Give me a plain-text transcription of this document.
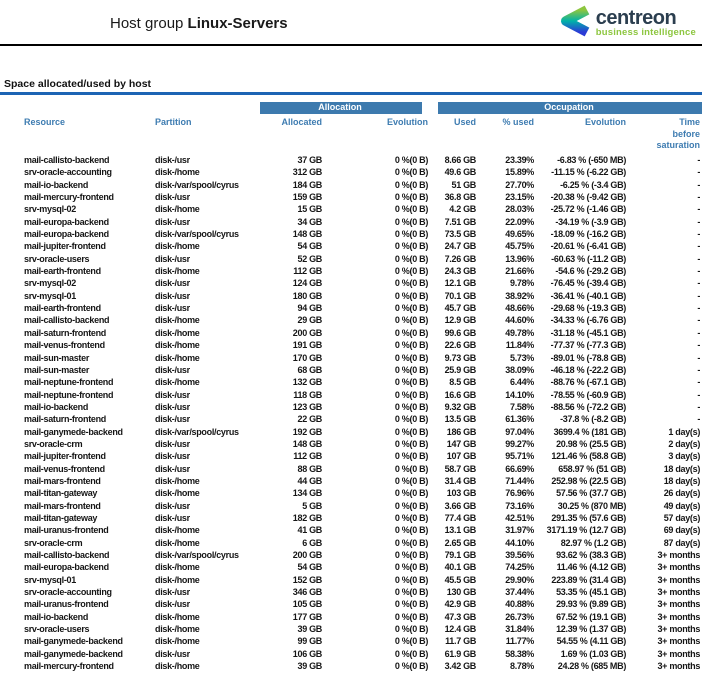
Host group Linux-Servers	centreon
business intelligence
Space allocated/used by host
		Allocation		Occupation			
Resource	Partition	Allocated	Evolution	Used	% used	Evolution	Time before saturation

mail-callisto-backend	disk-/usr	37 GB	0 %(0 B)	8.66 GB	23.39%	-6.83 % (-650 MB)	-
srv-oracle-accounting	disk-/home	312 GB	0 %(0 B)	49.6 GB	15.89%	-11.15 % (-6.22 GB)	-
mail-io-backend	disk-/var/spool/cyrus	184 GB	0 %(0 B)	51 GB	27.70%	-6.25 % (-3.4 GB)	-
mail-mercury-frontend	disk-/usr	159 GB	0 %(0 B)	36.8 GB	23.15%	-20.38 % (-9.42 GB)	-
srv-mysql-02	disk-/home	15 GB	0 %(0 B)	4.2 GB	28.03%	-25.72 % (-1.46 GB)	-
mail-europa-backend	disk-/usr	34 GB	0 %(0 B)	7.51 GB	22.09%	-34.19 % (-3.9 GB)	-
mail-europa-backend	disk-/var/spool/cyrus	148 GB	0 %(0 B)	73.5 GB	49.65%	-18.09 % (-16.2 GB)	-
mail-jupiter-frontend	disk-/home	54 GB	0 %(0 B)	24.7 GB	45.75%	-20.61 % (-6.41 GB)	-
srv-oracle-users	disk-/usr	52 GB	0 %(0 B)	7.26 GB	13.96%	-60.63 % (-11.2 GB)	-
mail-earth-frontend	disk-/home	112 GB	0 %(0 B)	24.3 GB	21.66%	-54.6 % (-29.2 GB)	-
srv-mysql-02	disk-/usr	124 GB	0 %(0 B)	12.1 GB	9.78%	-76.45 % (-39.4 GB)	-
srv-mysql-01	disk-/usr	180 GB	0 %(0 B)	70.1 GB	38.92%	-36.41 % (-40.1 GB)	-
mail-earth-frontend	disk-/usr	94 GB	0 %(0 B)	45.7 GB	48.66%	-29.68 % (-19.3 GB)	-
mail-callisto-backend	disk-/home	29 GB	0 %(0 B)	12.9 GB	44.60%	-34.33 % (-6.76 GB)	-
mail-saturn-frontend	disk-/home	200 GB	0 %(0 B)	99.6 GB	49.78%	-31.18 % (-45.1 GB)	-
mail-venus-frontend	disk-/home	191 GB	0 %(0 B)	22.6 GB	11.84%	-77.37 % (-77.3 GB)	-
mail-sun-master	disk-/home	170 GB	0 %(0 B)	9.73 GB	5.73%	-89.01 % (-78.8 GB)	-
mail-sun-master	disk-/usr	68 GB	0 %(0 B)	25.9 GB	38.09%	-46.18 % (-22.2 GB)	-
mail-neptune-frontend	disk-/home	132 GB	0 %(0 B)	8.5 GB	6.44%	-88.76 % (-67.1 GB)	-
mail-neptune-frontend	disk-/usr	118 GB	0 %(0 B)	16.6 GB	14.10%	-78.55 % (-60.9 GB)	-
mail-io-backend	disk-/usr	123 GB	0 %(0 B)	9.32 GB	7.58%	-88.56 % (-72.2 GB)	-
mail-saturn-frontend	disk-/usr	22 GB	0 %(0 B)	13.5 GB	61.36%	-37.8 % (-8.2 GB)	-
mail-ganymede-backend	disk-/var/spool/cyrus	192 GB	0 %(0 B)	186 GB	97.04%	3699.4 % (181 GB)	1 day(s)
srv-oracle-crm	disk-/usr	148 GB	0 %(0 B)	147 GB	99.27%	20.98 % (25.5 GB)	2 day(s)
mail-jupiter-frontend	disk-/usr	112 GB	0 %(0 B)	107 GB	95.71%	121.46 % (58.8 GB)	3 day(s)
mail-venus-frontend	disk-/usr	88 GB	0 %(0 B)	58.7 GB	66.69%	658.97 % (51 GB)	18 day(s)
mail-mars-frontend	disk-/home	44 GB	0 %(0 B)	31.4 GB	71.44%	252.98 % (22.5 GB)	18 day(s)
mail-titan-gateway	disk-/home	134 GB	0 %(0 B)	103 GB	76.96%	57.56 % (37.7 GB)	26 day(s)
mail-mars-frontend	disk-/usr	5 GB	0 %(0 B)	3.66 GB	73.16%	30.25 % (870 MB)	49 day(s)
mail-titan-gateway	disk-/usr	182 GB	0 %(0 B)	77.4 GB	42.51%	291.35 % (57.6 GB)	57 day(s)
mail-uranus-frontend	disk-/home	41 GB	0 %(0 B)	13.1 GB	31.97%	3171.19 % (12.7 GB)	69 day(s)
srv-oracle-crm	disk-/home	6 GB	0 %(0 B)	2.65 GB	44.10%	82.97 % (1.2 GB)	87 day(s)
mail-callisto-backend	disk-/var/spool/cyrus	200 GB	0 %(0 B)	79.1 GB	39.56%	93.62 % (38.3 GB)	3+ months
mail-europa-backend	disk-/home	54 GB	0 %(0 B)	40.1 GB	74.25%	11.46 % (4.12 GB)	3+ months
srv-mysql-01	disk-/home	152 GB	0 %(0 B)	45.5 GB	29.90%	223.89 % (31.4 GB)	3+ months
srv-oracle-accounting	disk-/usr	346 GB	0 %(0 B)	130 GB	37.44%	53.35 % (45.1 GB)	3+ months
mail-uranus-frontend	disk-/usr	105 GB	0 %(0 B)	42.9 GB	40.88%	29.93 % (9.89 GB)	3+ months
mail-io-backend	disk-/home	177 GB	0 %(0 B)	47.3 GB	26.73%	67.52 % (19.1 GB)	3+ months
srv-oracle-users	disk-/home	39 GB	0 %(0 B)	12.4 GB	31.84%	12.39 % (1.37 GB)	3+ months
mail-ganymede-backend	disk-/home	99 GB	0 %(0 B)	11.7 GB	11.77%	54.55 % (4.11 GB)	3+ months
mail-ganymede-backend	disk-/usr	106 GB	0 %(0 B)	61.9 GB	58.38%	1.69 % (1.03 GB)	3+ months
mail-mercury-frontend	disk-/home	39 GB	0 %(0 B)	3.42 GB	8.78%	24.28 % (685 MB)	3+ months
